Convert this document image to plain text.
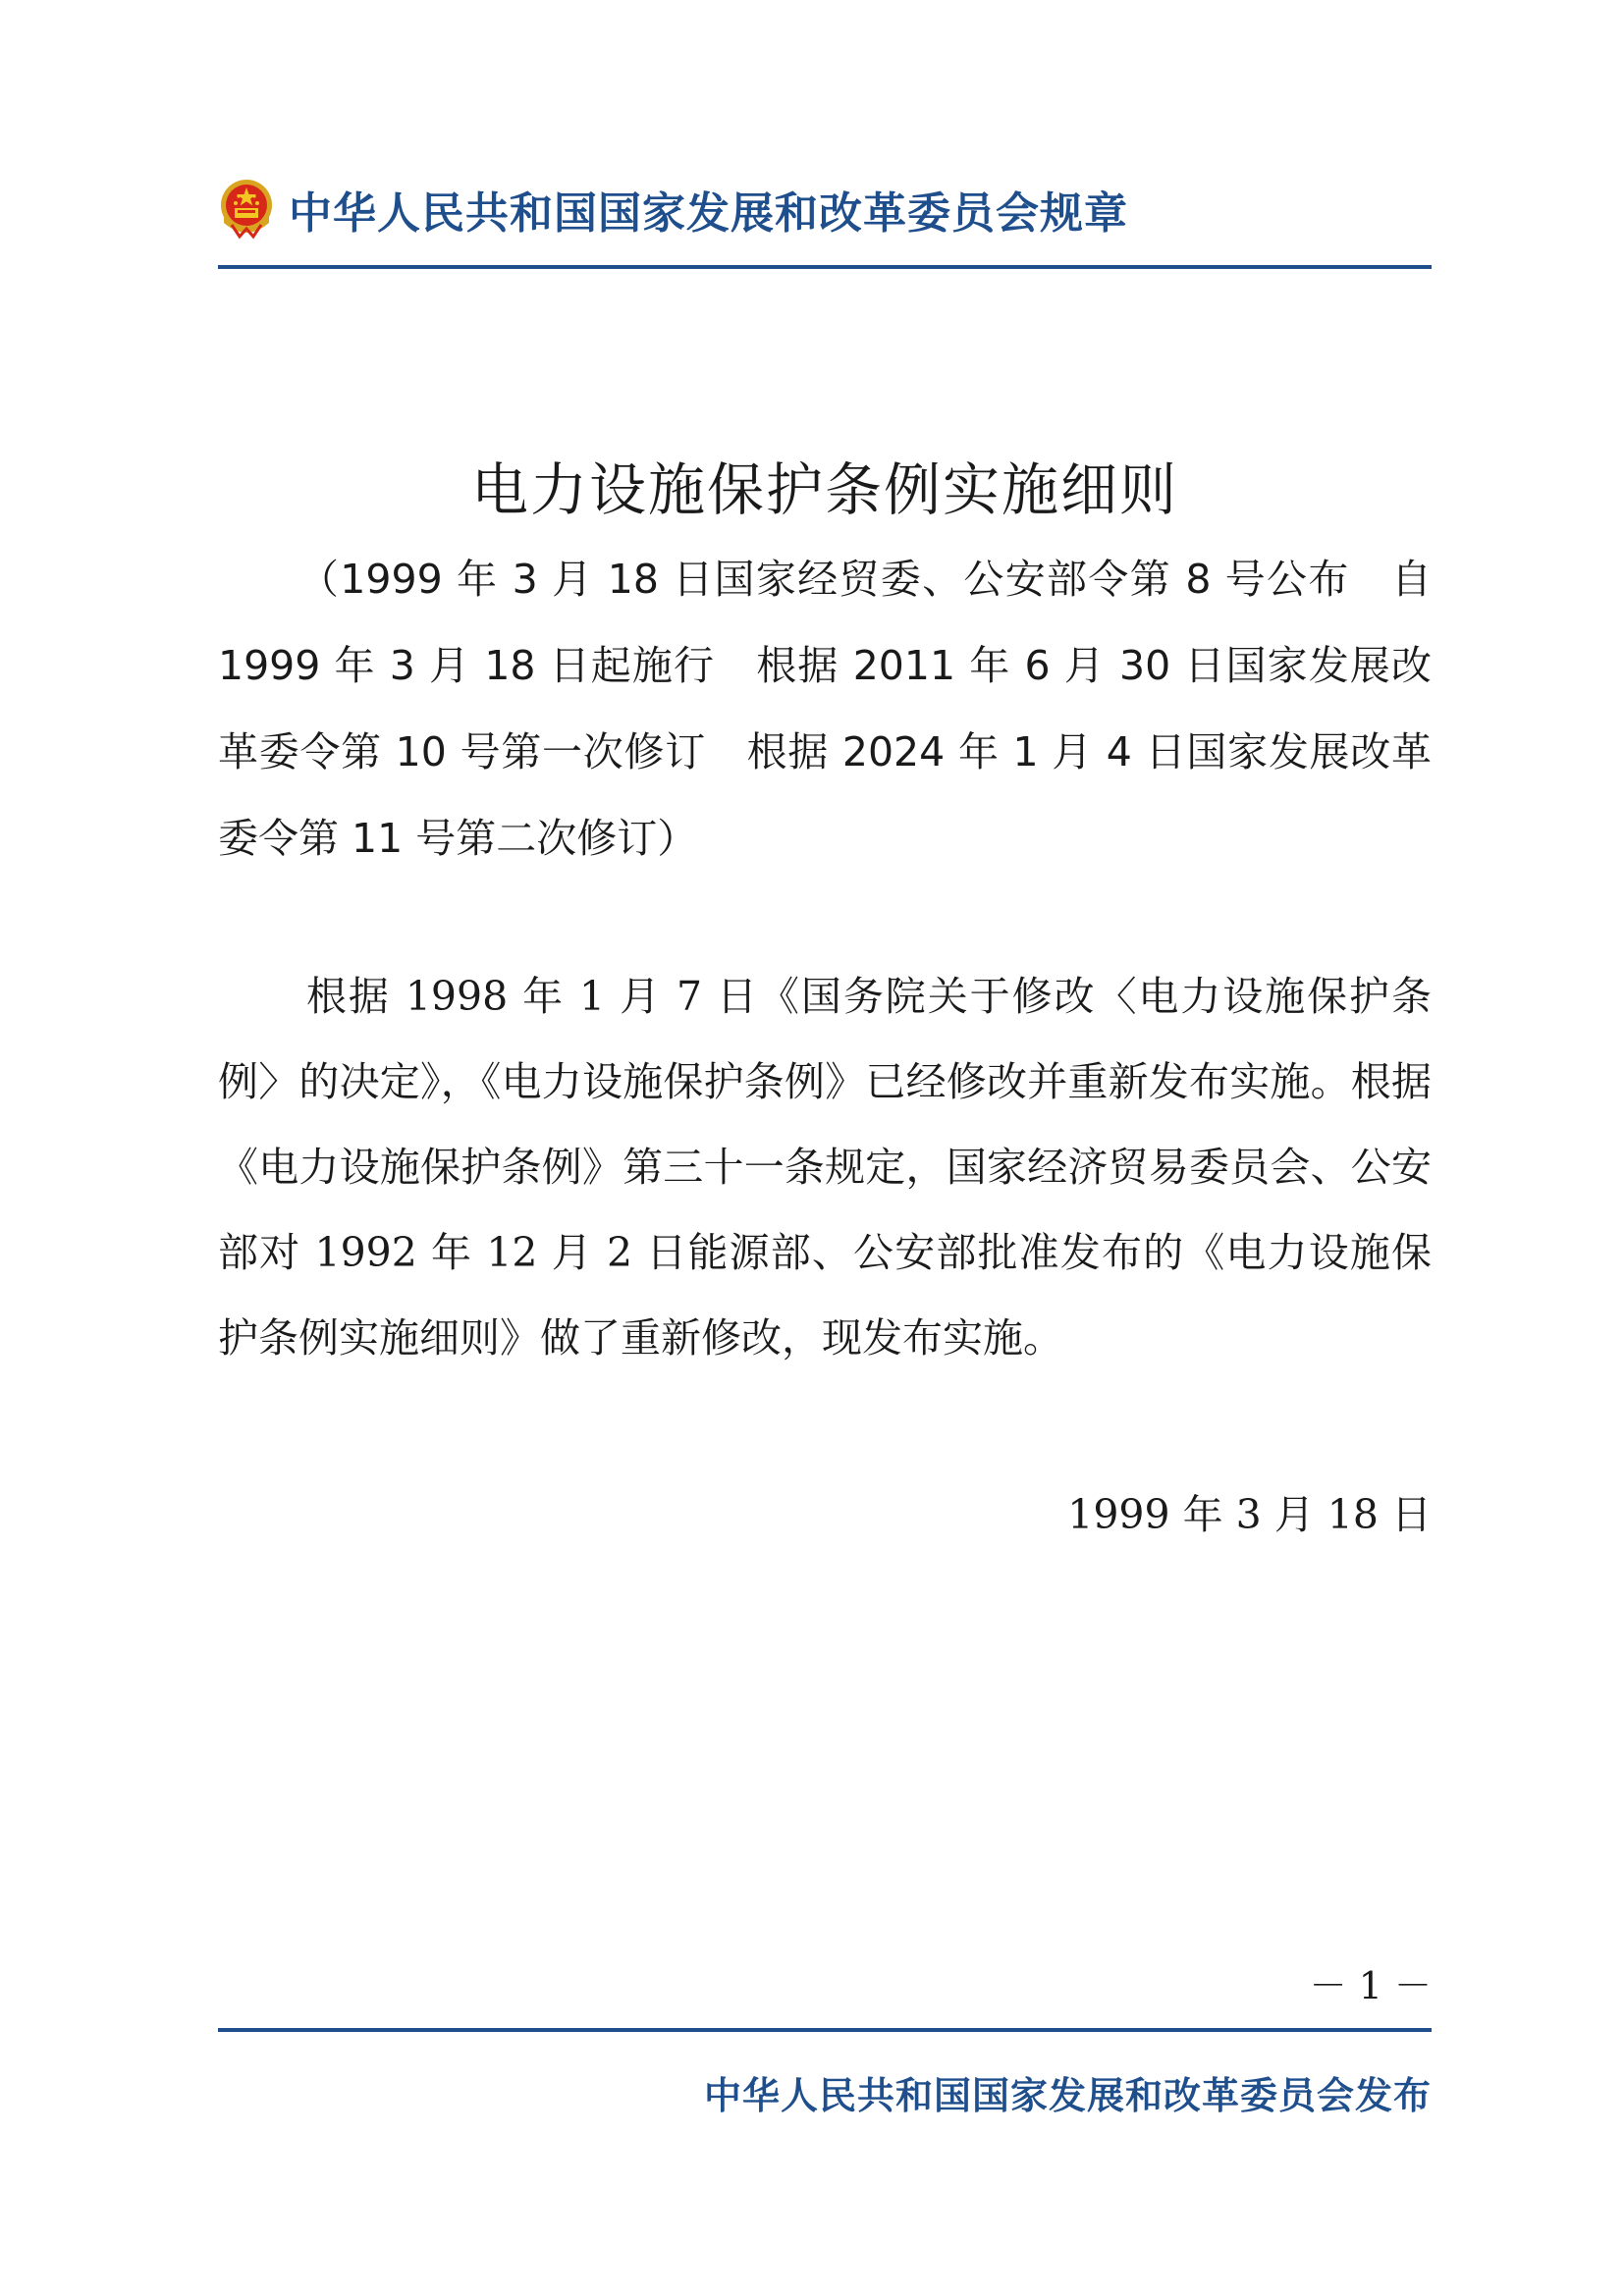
中华人民共和国国家发展和改革委员会规章
电力设施保护条例实施细则
（1999 年 3 月 18 日国家经贸委、公安部令第 8 号公布　自 1999 年 3 月 18 日起施行　根据 2011 年 6 月 30 日国家发展改革委令第 10 号第一次修订　根据 2024 年 1 月 4 日国家发展改革委令第 11 号第二次修订）
根据 1998 年 1 月 7 日《国务院关于修改〈电力设施保护条例〉的决定》，《电力设施保护条例》已经修改并重新发布实施。根据《电力设施保护条例》第三十一条规定，国家经济贸易委员会、公安部对 1992 年 12 月 2 日能源部、公安部批准发布的《电力设施保护条例实施细则》做了重新修改，现发布实施。
1999 年 3 月 18 日
－ 1 －
中华人民共和国国家发展和改革委员会发布
